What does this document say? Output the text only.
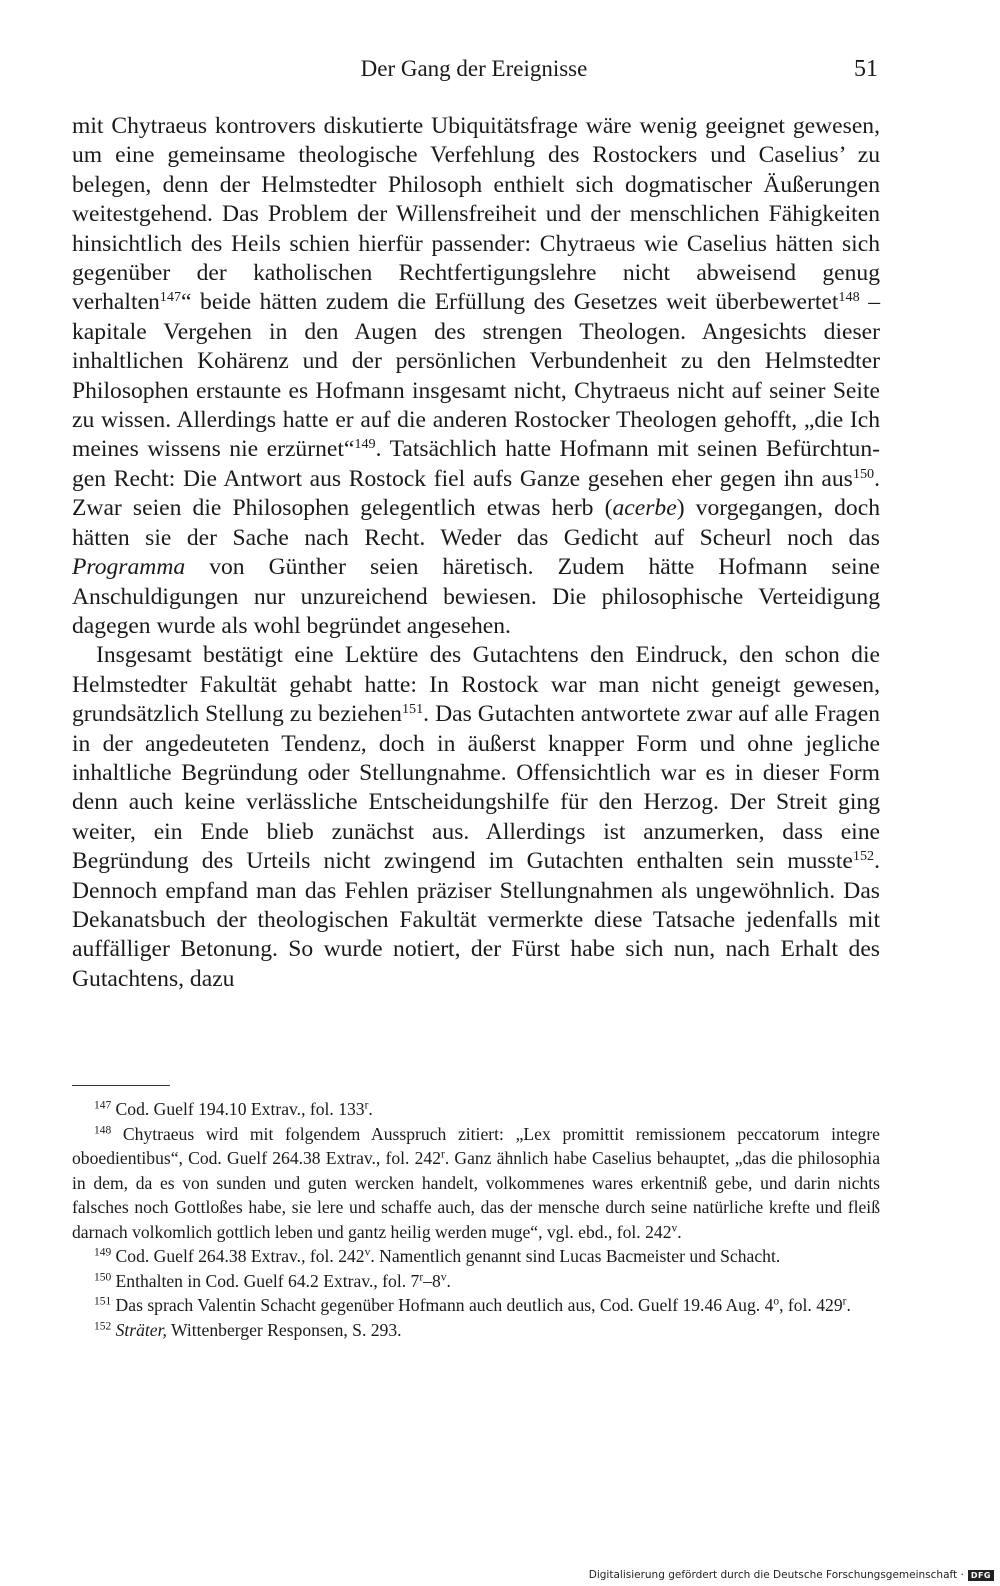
Der Gang der Ereignisse	51

mit Chytraeus kontrovers diskutierte Ubiquitätsfrage wäre wenig geeignet gewesen, um eine gemeinsame theologische Verfehlung des Rostockers und Caselius’ zu belegen, denn der Helmstedter Philosoph enthielt sich dogmatischer Äußerungen weitestgehend. Das Problem der Willensfreiheit und der menschlichen Fähigkeiten hinsichtlich des Heils schien hierfür passender: Chytraeus wie Caselius hätten sich gegenüber der katholischen Rechtfertigungslehre nicht abweisend genug verhalten$^{147}$“ beide hätten zudem die Erfüllung des Gesetzes weit überbewertet$^{148}$ – kapitale Vergehen in den Augen des strengen Theologen. Angesichts dieser inhaltlichen Kohärenz und der persönlichen Verbundenheit zu den Helmstedter Philosophen erstaunte es Hofmann insgesamt nicht, Chytraeus nicht auf seiner Seite zu wissen. Allerdings hatte er auf die anderen Rostocker Theologen gehofft, „die Ich meines wissens nie erzürnet“$^{149}$. Tatsächlich hatte Hofmann mit seinen Befürchtungen Recht: Die Antwort aus Rostock fiel aufs Ganze gesehen eher gegen ihn aus$^{150}$. Zwar seien die Philosophen gelegentlich etwas herb (acerbe) vorgegangen, doch hätten sie der Sache nach Recht. Weder das Gedicht auf Scheurl noch das Programma von Günther seien häretisch. Zudem hätte Hofmann seine Anschuldigungen nur unzureichend bewiesen. Die philosophische Verteidigung dagegen wurde als wohl begründet angesehen.

Insgesamt bestätigt eine Lektüre des Gutachtens den Eindruck, den schon die Helmstedter Fakultät gehabt hatte: In Rostock war man nicht geneigt gewesen, grundsätzlich Stellung zu beziehen$^{151}$. Das Gutachten antwortete zwar auf alle Fragen in der angedeuteten Tendenz, doch in äußerst knapper Form und ohne jegliche inhaltliche Begründung oder Stellungnahme. Offensichtlich war es in dieser Form denn auch keine verlässliche Entscheidungshilfe für den Herzog. Der Streit ging weiter, ein Ende blieb zunächst aus. Allerdings ist anzumerken, dass eine Begründung des Urteils nicht zwingend im Gutachten enthalten sein musste$^{152}$. Dennoch empfand man das Fehlen präziser Stellungnahmen als ungewöhnlich. Das Dekanatsbuch der theologischen Fakultät vermerkte diese Tatsache jedenfalls mit auffälliger Betonung. So wurde notiert, der Fürst habe sich nun, nach Erhalt des Gutachtens, dazu

$^{147}$ Cod. Guelf 194.10 Extrav., fol. 133$^r$.

$^{148}$ Chytraeus wird mit folgendem Ausspruch zitiert: „Lex promittit remissionem peccatorum integre oboedientibus“, Cod. Guelf 264.38 Extrav., fol. 242$^r$. Ganz ähnlich habe Caselius behauptet, „das die philosophia in dem, da es von sunden und guten wercken handelt, volkommenes wares erkentniß gebe, und darin nichts falsches noch Gottloßes habe, sie lere und schaffe auch, das der mensche durch seine natürliche krefte und fleiß darnach volkomlich gottlich leben und gantz heilig werden muge“, vgl. ebd., fol. 242$^v$.

$^{149}$ Cod. Guelf 264.38 Extrav., fol. 242$^v$. Namentlich genannt sind Lucas Bacmeister und Schacht.

$^{150}$ Enthalten in Cod. Guelf 64.2 Extrav., fol. 7$^r$–8$^v$.

$^{151}$ Das sprach Valentin Schacht gegenüber Hofmann auch deutlich aus, Cod. Guelf 19.46 Aug. 4$^o$, fol. 429$^r$.

$^{152}$ Sträter, Wittenberger Responsen, S. 293.

Digitalisierung gefördert durch die Deutsche Forschungsgemeinschaft · DFG
